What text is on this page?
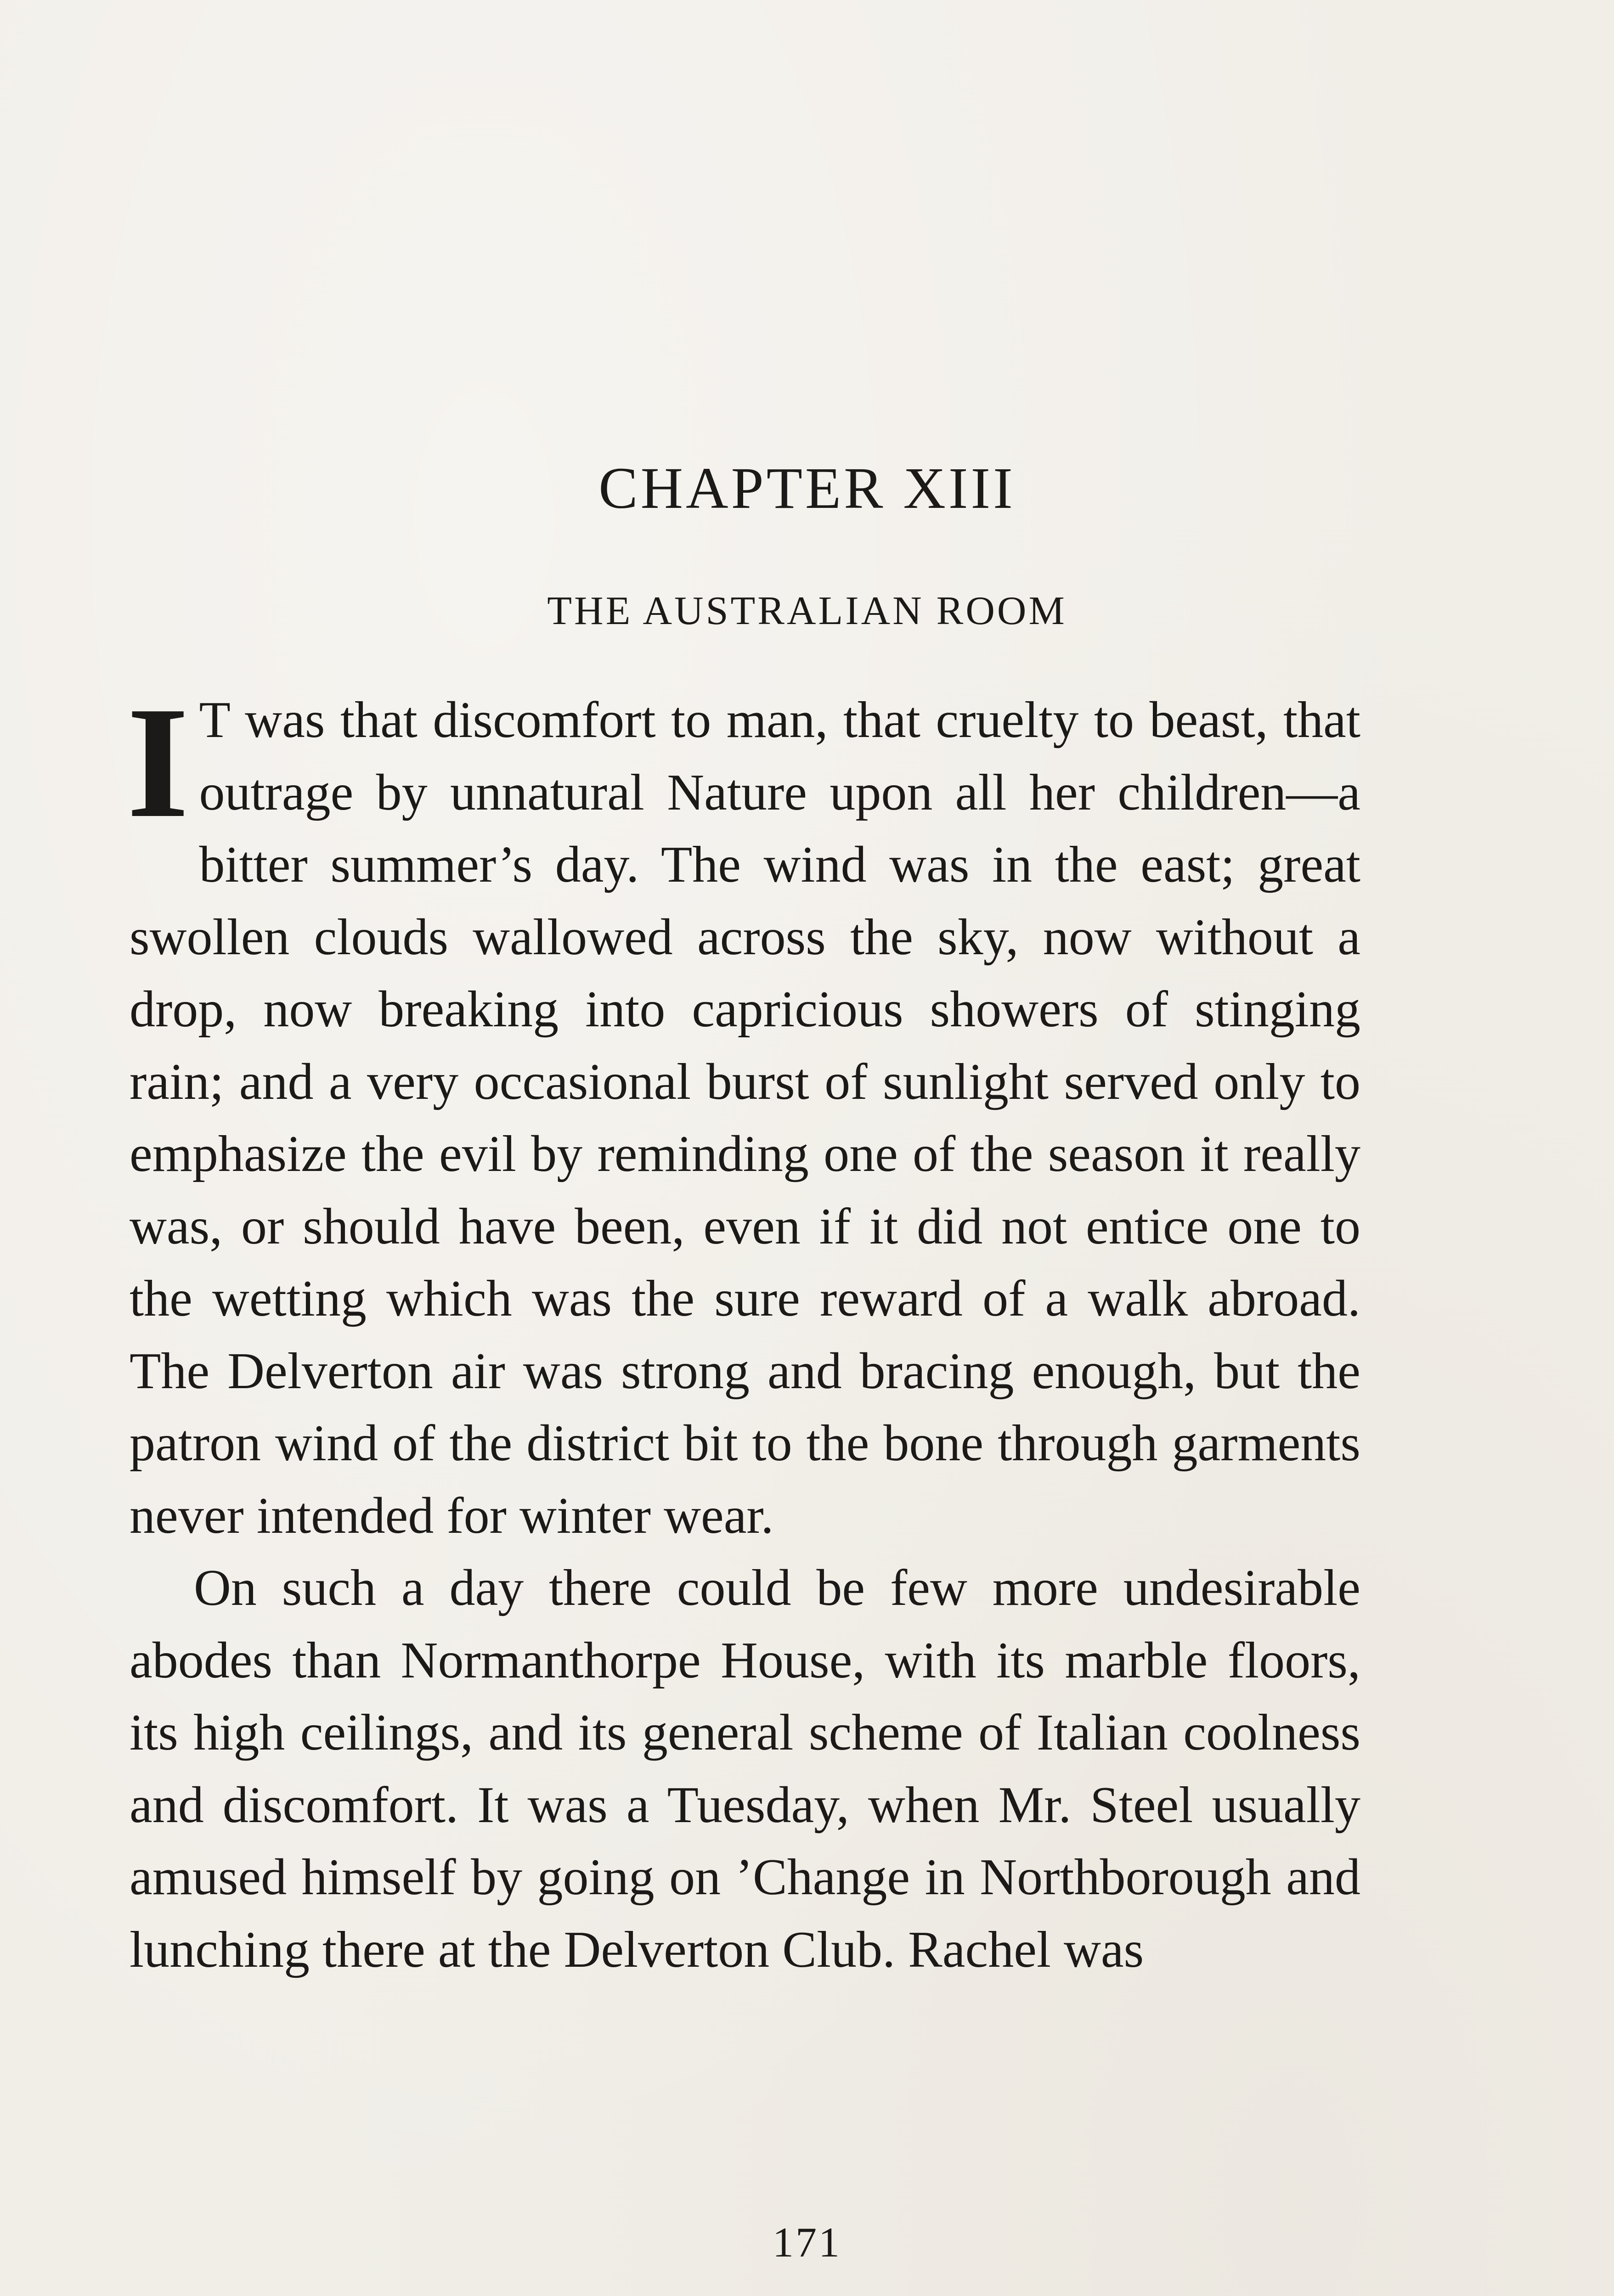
CHAPTER XIII
THE AUSTRALIAN ROOM

I T was that discomfort to man, that cruelty to beast, that outrage by unnatural Nature upon all her children—a bitter summer’s day. The wind was in the east; great swollen clouds wallowed across the sky, now without a drop, now breaking into capricious showers of stinging rain; and a very occasional burst of sunlight served only to emphasize the evil by reminding one of the season it really was, or should have been, even if it did not entice one to the wetting which was the sure reward of a walk abroad. The Delverton air was strong and bracing enough, but the patron wind of the district bit to the bone through garments never intended for winter wear.

On such a day there could be few more undesirable abodes than Normanthorpe House, with its marble floors, its high ceilings, and its general scheme of Italian coolness and discomfort. It was a Tuesday, when Mr. Steel usually amused himself by going on ’Change in Northborough and lunching there at the Delverton Club. Rachel was

171
